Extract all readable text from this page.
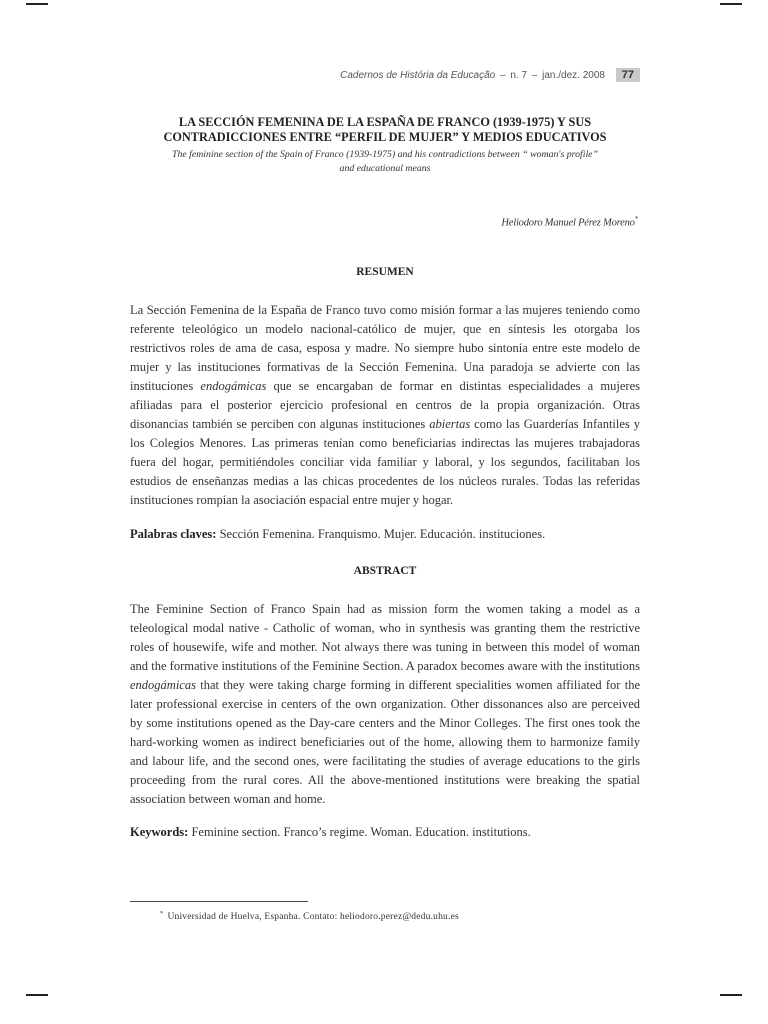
Cadernos de História da Educação – n. 7 – jan./dez. 2008 77
LA SECCIÓN FEMENINA DE LA ESPAÑA DE FRANCO (1939-1975) Y SUS
CONTRADICCIONES ENTRE “PERFIL DE MUJER” Y MEDIOS EDUCATIVOS
The feminine section of the Spain of Franco (1939-1975) and his contradictions between “ woman's profile”
and educational means
Heliodoro Manuel Pérez Moreno*
RESUMEN
La Sección Femenina de la España de Franco tuvo como misión formar a las mujeres teniendo como referente teleológico un modelo nacional-católico de mujer, que en síntesis les otorgaba los restrictivos roles de ama de casa, esposa y madre. No siempre hubo sintonía entre este modelo de mujer y las instituciones formativas de la Sección Femenina. Una paradoja se advierte con las instituciones endogámicas que se encargaban de formar en distintas especialidades a mujeres afiliadas para el posterior ejercicio profesional en centros de la propia organización. Otras disonancias también se perciben con algunas instituciones abiertas como las Guarderías Infantiles y los Colegios Menores. Las primeras tenían como beneficiarias indirectas las mujeres trabajadoras fuera del hogar, permitiéndoles conciliar vida familiar y laboral, y los segundos, facilitaban los estudios de enseñanzas medias a las chicas procedentes de los núcleos rurales. Todas las referidas instituciones rompían la asociación espacial entre mujer y hogar.
Palabras claves: Sección Femenina. Franquismo. Mujer. Educación. instituciones.
ABSTRACT
The Feminine Section of Franco Spain had as mission form the women taking a model as a teleological modal native - Catholic of woman, who in synthesis was granting them the restrictive roles of housewife, wife and mother. Not always there was tuning in between this model of woman and the formative institutions of the Feminine Section. A paradox becomes aware with the institutions endogámicas that they were taking charge forming in different specialities women affiliated for the later professional exercise in centers of the own organization. Other dissonances also are perceived by some institutions opened as the Day-care centers and the Minor Colleges. The first ones took the hard-working women as indirect beneficiaries out of the home, allowing them to harmonize family and labour life, and the second ones, were facilitating the studies of average educations to the girls proceeding from the rural cores. All the above-mentioned institutions were breaking the spatial association between woman and home.
Keywords: Feminine section. Franco’s regime. Woman. Education. institutions.
* Universidad de Huelva, Espanha. Contato: heliodoro.perez@dedu.uhu.es
